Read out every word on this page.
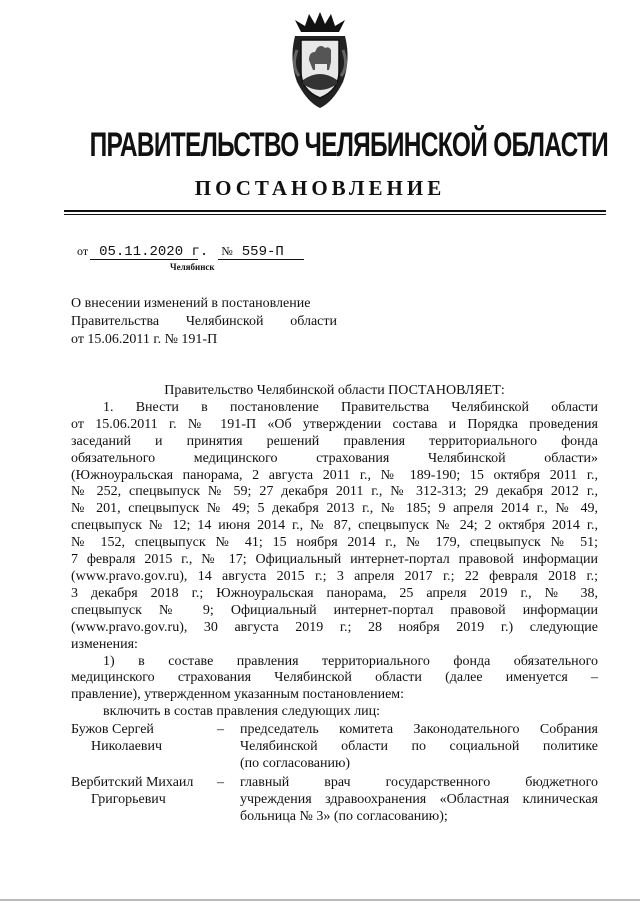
ПРАВИТЕЛЬСТВО ЧЕЛЯБИНСКОЙ ОБЛАСТИ
ПОСТАНОВЛЕНИЕ
от 05.11.2020 г. № 559-П
Челябинск
О внесении изменений в постановление
Правительства Челябинской области
от 15.06.2011 г. № 191-П
Правительство Челябинской области ПОСТАНОВЛЯЕТ:
1. Внести в постановление Правительства Челябинской области
от 15.06.2011 г. № 191-П «Об утверждении состава и Порядка проведения
заседаний и принятия решений правления территориального фонда
обязательного медицинского страхования Челябинской области»
(Южноуральская панорама, 2 августа 2011 г., № 189-190; 15 октября 2011 г.,
№ 252, спецвыпуск № 59; 27 декабря 2011 г., № 312-313; 29 декабря 2012 г.,
№ 201, спецвыпуск № 49; 5 декабря 2013 г., № 185; 9 апреля 2014 г., № 49,
спецвыпуск № 12; 14 июня 2014 г., № 87, спецвыпуск № 24; 2 октября 2014 г.,
№ 152, спецвыпуск № 41; 15 ноября 2014 г., № 179, спецвыпуск № 51;
7 февраля 2015 г., № 17; Официальный интернет-портал правовой информации
(www.pravo.gov.ru), 14 августа 2015 г.; 3 апреля 2017 г.; 22 февраля 2018 г.;
3 декабря 2018 г.; Южноуральская панорама, 25 апреля 2019 г., № 38,
спецвыпуск № 9; Официальный интернет-портал правовой информации
(www.pravo.gov.ru), 30 августа 2019 г.; 28 ноября 2019 г.) следующие
изменения:
1) в составе правления территориального фонда обязательного
медицинского страхования Челябинской области (далее именуется –
правление), утвержденном указанным постановлением:
включить в состав правления следующих лиц:
Бужов Сергей
Николаевич
– председатель комитета Законодательного Собрания
Челябинской области по социальной политике
(по согласованию)
Вербитский Михаил
Григорьевич
– главный врач государственного бюджетного
учреждения здравоохранения «Областная клиническая
больница № 3» (по согласованию);
